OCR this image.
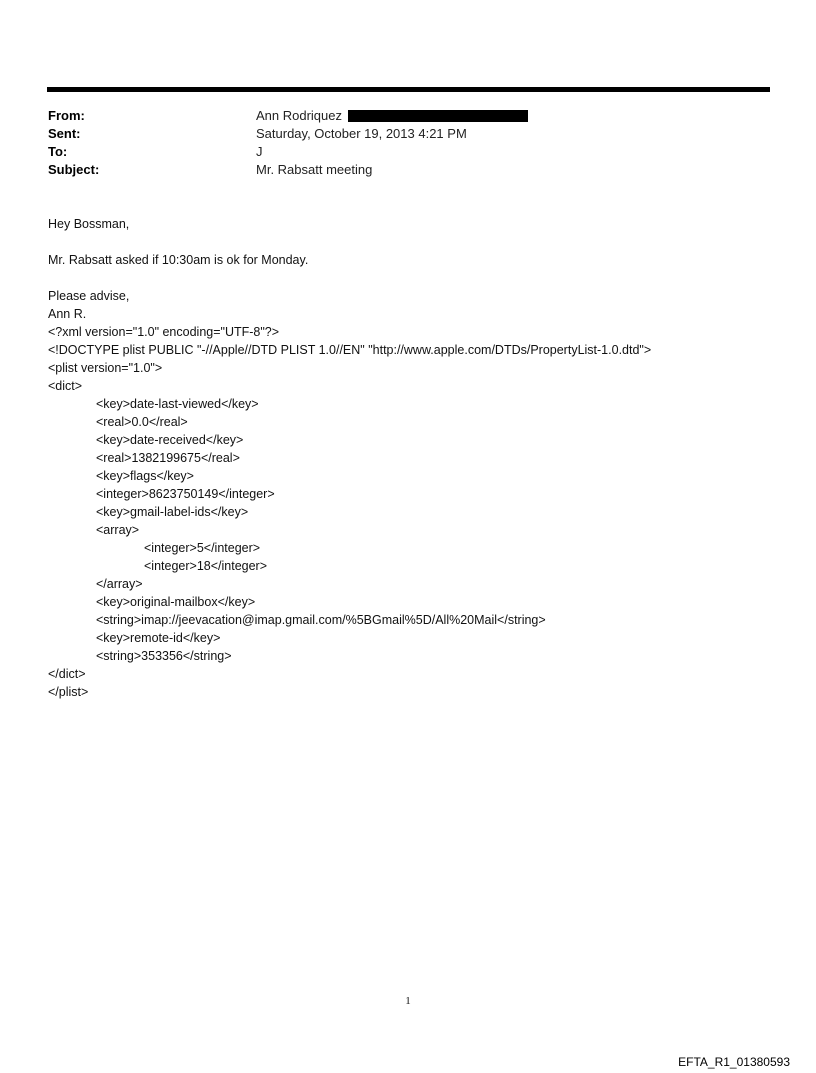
From:	Ann Rodriquez
Sent:	Saturday, October 19, 2013 4:21 PM
To:	J
Subject:	Mr. Rabsatt meeting
Hey Bossman,
Mr. Rabsatt asked if 10:30am is ok for Monday.
Please advise,
Ann R.
<?xml version="1.0" encoding="UTF-8"?>
<!DOCTYPE plist PUBLIC "-//Apple//DTD PLIST 1.0//EN" "http://www.apple.com/DTDs/PropertyList-1.0.dtd">
<plist version="1.0">
<dict>
<key>date-last-viewed</key>
<real>0.0</real>
<key>date-received</key>
<real>1382199675</real>
<key>flags</key>
<integer>8623750149</integer>
<key>gmail-label-ids</key>
<array>
<integer>5</integer>
<integer>18</integer>
</array>
<key>original-mailbox</key>
<string>imap://jeevacation@imap.gmail.com/%5BGmail%5D/All%20Mail</string>
<key>remote-id</key>
<string>353356</string>
</dict>
</plist>
1
EFTA_R1_01380593
